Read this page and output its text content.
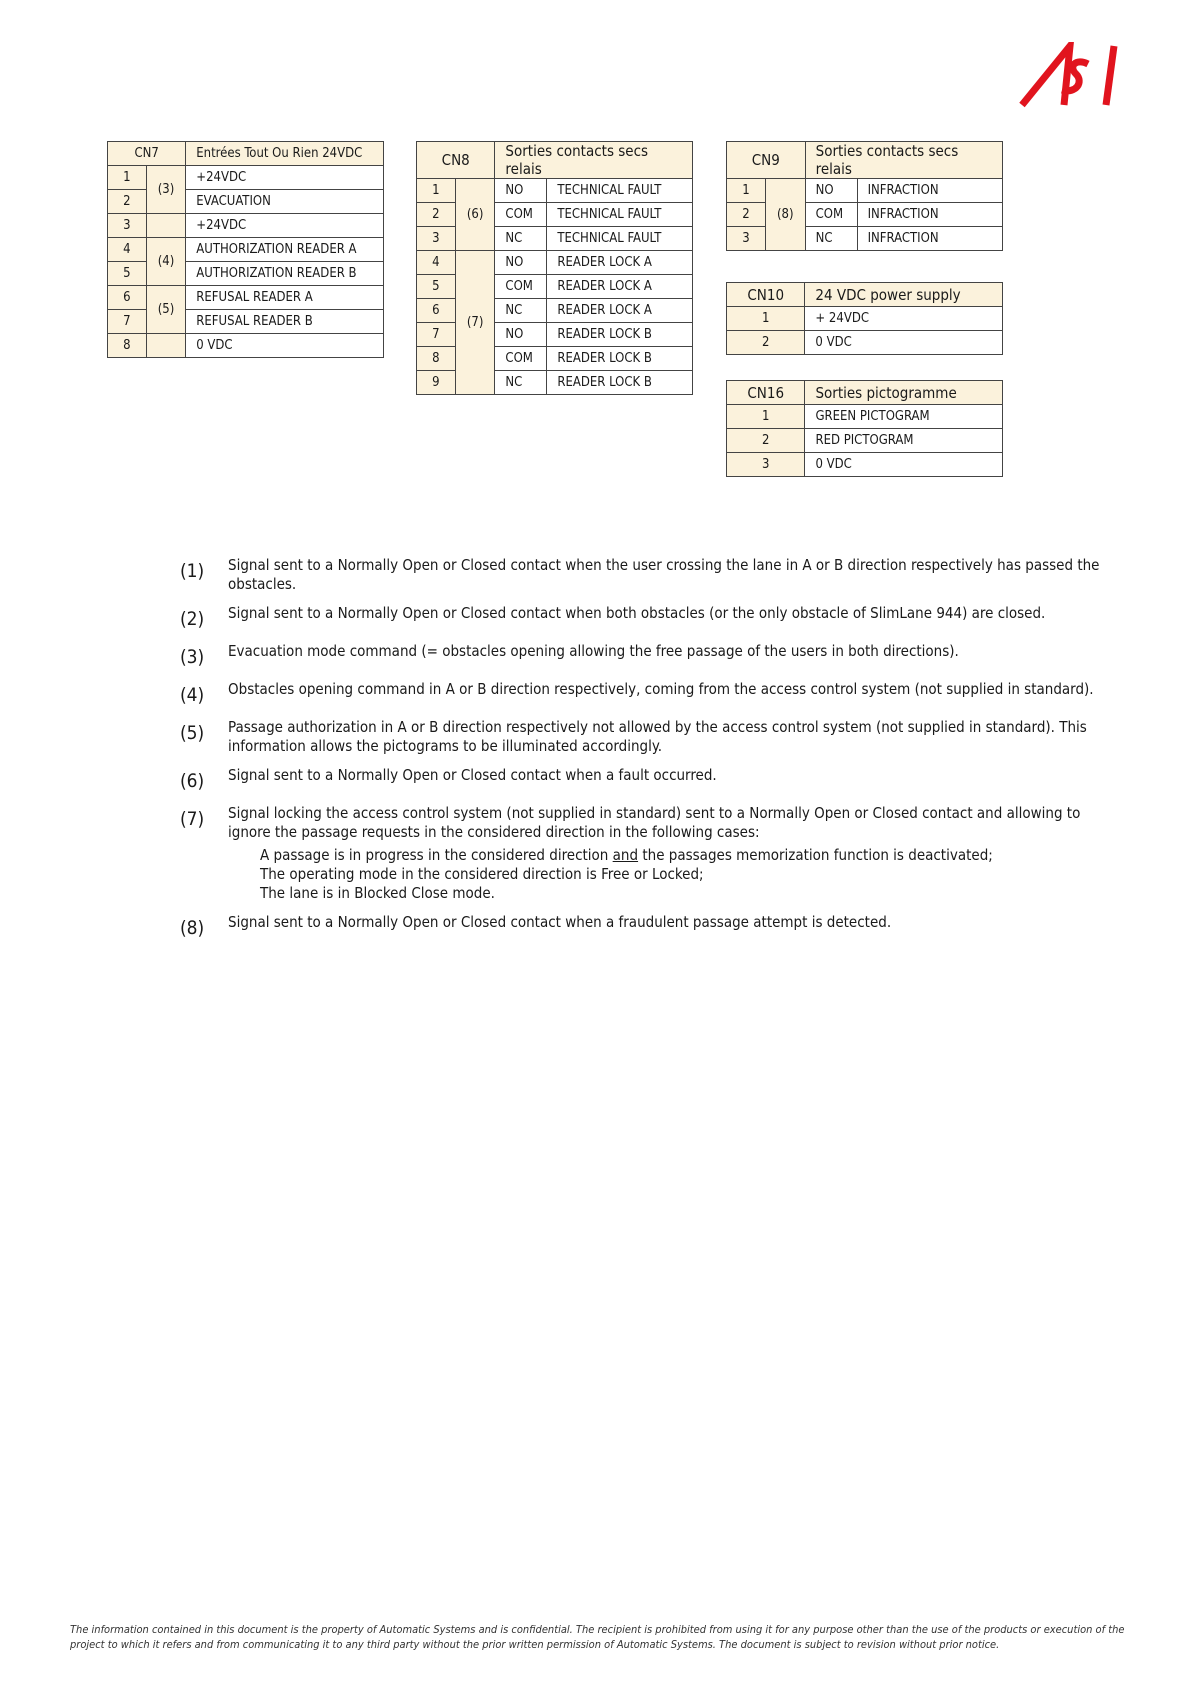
CN7		Entrées Tout Ou Rien 24VDC
1	(3)	+24VDC
2		EVACUATION
3		+24VDC
4	(4)	AUTHORIZATION READER A
5		AUTHORIZATION READER B
6	(5)	REFUSAL READER A
7		REFUSAL READER B
8		0 VDC
CN8		Sorties contacts secs relais	
1	(6)	NO	TECHNICAL FAULT
2		COM	TECHNICAL FAULT
3		NC	TECHNICAL FAULT
4	(7)	NO	READER LOCK A
5		COM	READER LOCK A
6		NC	READER LOCK A
7		NO	READER LOCK B
8		COM	READER LOCK B
9		NC	READER LOCK B
CN9		Sorties contacts secs relais	
1	(8)	NO	INFRACTION
2		COM	INFRACTION
3		NC	INFRACTION
CN10	24 VDC power supply
1	+ 24VDC
2	0 VDC
CN16	Sorties pictogramme
1	GREEN PICTOGRAM
2	RED PICTOGRAM
3	0 VDC
(1)	Signal sent to a Normally Open or Closed contact when the user crossing the lane in A or B direction respectively has passed the obstacles.
(2)	Signal sent to a Normally Open or Closed contact when both obstacles (or the only obstacle of SlimLane 944) are closed.
(3)	Evacuation mode command (= obstacles opening allowing the free passage of the users in both directions).
(4)	Obstacles opening command in A or B direction respectively, coming from the access control system (not supplied in standard).
(5)	Passage authorization in A or B direction respectively not allowed by the access control system (not supplied in standard). This information allows the pictograms to be illuminated accordingly.
(6)	Signal sent to a Normally Open or Closed contact when a fault occurred.
(7)	Signal locking the access control system (not supplied in standard) sent to a Normally Open or Closed contact and allowing to ignore the passage requests in the considered direction in the following cases:
A passage is in progress in the considered direction and the passages memorization function is deactivated;
The operating mode in the considered direction is Free or Locked;
The lane is in Blocked Close mode.
(8)	Signal sent to a Normally Open or Closed contact when a fraudulent passage attempt is detected.
The information contained in this document is the property of Automatic Systems and is confidential. The recipient is prohibited from using it for any purpose other than the use of the products or execution of the project to which it refers and from communicating it to any third party without the prior written permission of Automatic Systems. The document is subject to revision without prior notice.
